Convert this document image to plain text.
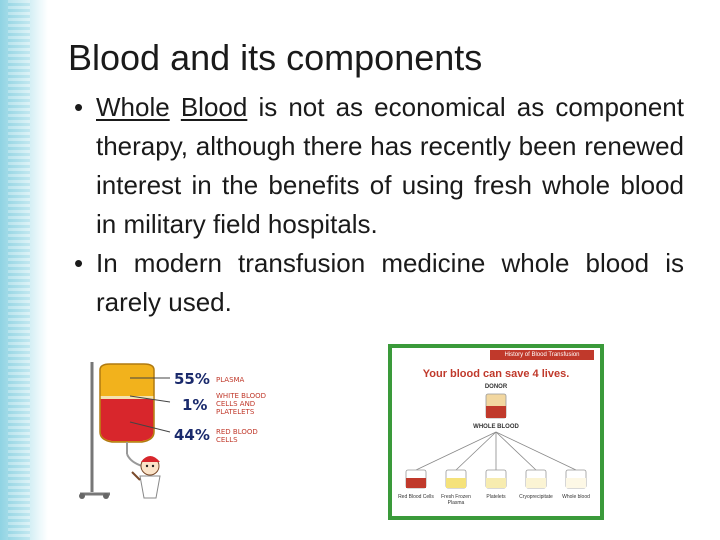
Blood and its components
• Whole Blood is not as economical as component therapy, although there has recently been renewed interest in the benefits of using fresh whole blood in military field hospitals.
• In modern transfusion medicine whole blood is rarely used.
55%
1%
44%
PLASMA
WHITE BLOOD
CELLS AND
PLATELETS
RED BLOOD
CELLS
History of Blood Transfusion
Your blood can save 4 lives.
DONOR
WHOLE BLOOD
Red Blood Cells	Fresh Frozen Plasma
Platelets	Cryoprecipitate	Whole blood
